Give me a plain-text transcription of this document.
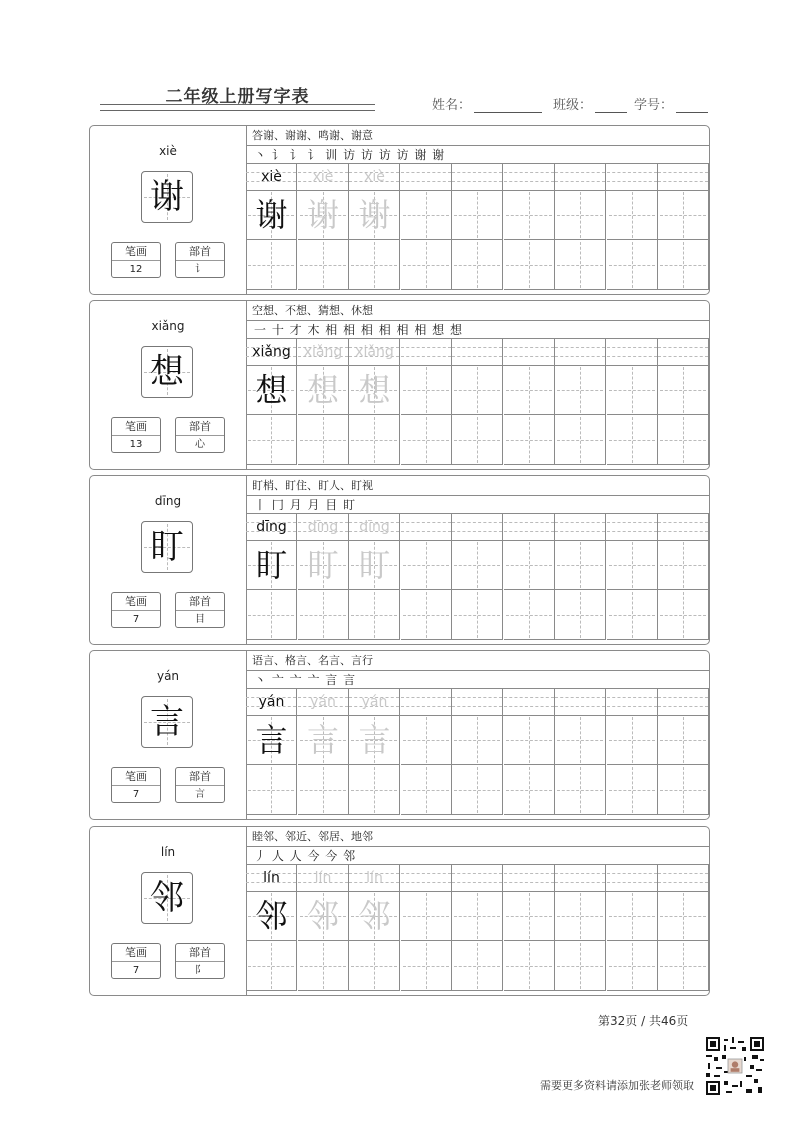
二年级上册写字表	姓名：	班级：	学号：
xiè
谢
笔画
12
部首
讠
答谢、谢谢、鸣谢、谢意
丶 讠 讠 讠 训 访 访 访 访 谢 谢
xiè	xiè	xiè
谢 谢 谢
xiǎng
想
笔画
13
部首
心
空想、不想、猜想、休想
一 十 才 木 相 相 相 相 相 相 想 想
xiǎng xiǎng xiǎng
想 想 想
dīng
盯
笔画
7
部首
目
盯梢、盯住、盯人、盯视
丨 冂 月 月 目 盯
dīng	dīng	dīng
盯 盯 盯
yán
言
笔画
7
部首
言
语言、格言、名言、言行
丶 亠 亠 亠 言 言
yán	yán	yán
言 言 言
lín
邻
笔画
7
部首
阝
睦邻、邻近、邻居、地邻
丿 人 人 今 今 邻
lín	lín	lín
邻 邻 邻
第32页 / 共46页
需要更多资料请添加张老师领取
